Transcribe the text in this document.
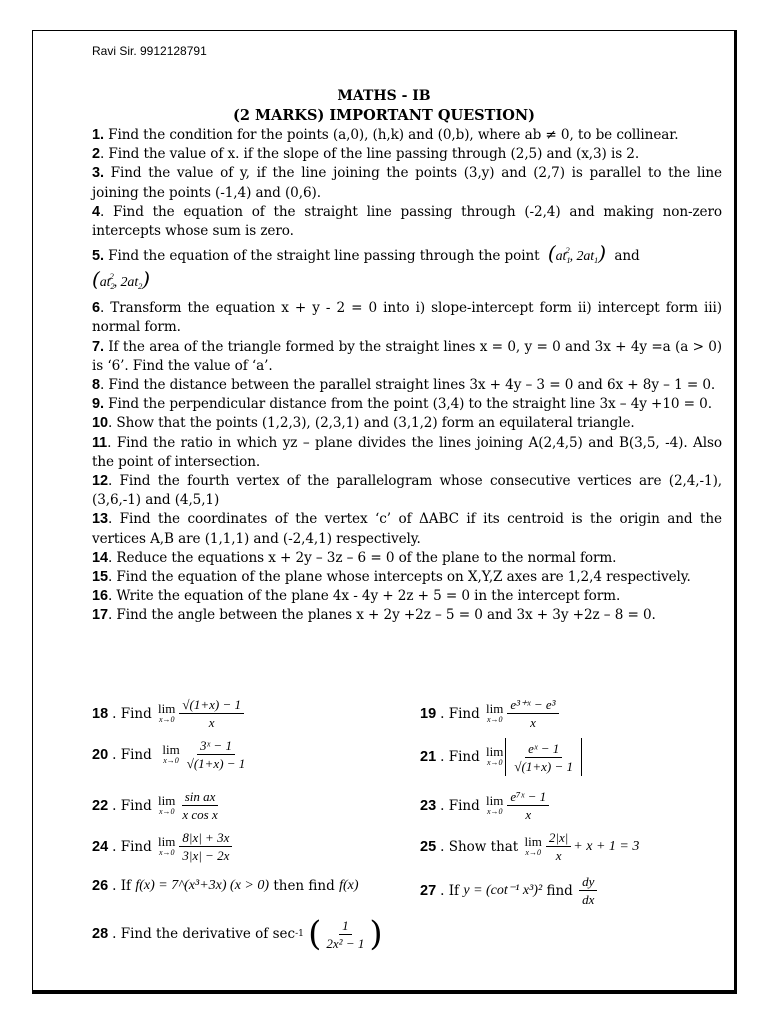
Ravi Sir. 9912128791
MATHS - IB
(2 MARKS) IMPORTANT QUESTION)

1. Find the condition for the points (a,0), (h,k) and (0,b), where ab ≠ 0, to be collinear.

2. Find the value of x. if the slope of the line passing through (2,5) and (x,3) is 2.

3. Find the value of y, if the line joining the points (3,y) and (2,7) is parallel to the line joining the points (-1,4) and (0,6).

4. Find the equation of the straight line passing through (-2,4) and making non-zero intercepts whose sum is zero.

5. Find the equation of the straight line passing through the point ($at_1^2$, $2at_1$) and
($at_2^2$, $2at_2$)

6. Transform the equation x + y - 2 = 0 into i) slope-intercept form ii) intercept form iii) normal form.

7. If the area of the triangle formed by the straight lines x = 0, y = 0 and 3x + 4y =a (a > 0) is ‘6’. Find the value of ‘a’.

8. Find the distance between the parallel straight lines 3x + 4y – 3 = 0 and 6x + 8y – 1 = 0.

9. Find the perpendicular distance from the point (3,4) to the straight line 3x – 4y +10 = 0.

10. Show that the points (1,2,3), (2,3,1) and (3,1,2) form an equilateral triangle.

11. Find the ratio in which yz – plane divides the lines joining A(2,4,5) and B(3,5, -4). Also the point of intersection.

12. Find the fourth vertex of the parallelogram whose consecutive vertices are (2,4,-1),(3,6,-1) and (4,5,1)

13. Find the coordinates of the vertex ‘c’ of ΔABC if its centroid is the origin and the vertices A,B are (1,1,1) and (-2,4,1) respectively.

14. Reduce the equations x + 2y – 3z – 6 = 0 of the plane to the normal form.

15. Find the equation of the plane whose intercepts on X,Y,Z axes are 1,2,4 respectively.

16. Write the equation of the plane 4x - 4y + 2z + 5 = 0 in the intercept form.

17. Find the angle between the planes x + 2y +2z – 5 = 0 and 3x + 3y +2z – 8 = 0.

18 . Find
lim
$x\to 0 \frac{√(1+x) - 1}{x}$	19 . Find
lim
$x\to 0 \frac{\text{e³⁺ˣ − e³}}{x}$
20 . Find
lim
$x\to 0 \frac{\text{3ˣ − 1}}{√(1+x) - 1}$	21 . Find
lim
$x\to 0 \frac{\text{eˣ − 1}}{√(1+x) - 1}$
22 . Find
lim
$x\to 0 \frac{\text{sin ax}}{\text{x cos x}}$	23 . Find
lim
$x\to 0 \frac{\text{e⁷ˣ − 1}}{x}$
24 . Find
lim
$x\to 0 \frac{8|x| + 3x}{3|x| - 2x}$	25 . Show that
lim
$x\to 0 \frac{2|x|}{x} + x + 1 = 3$
26 . If
f(x) = 7^(x³+3x) (x > 0)
then find
f(x)	27 . If
y = (cot⁻¹ x³)²
find
$\frac{dy}{dx}$
28 . Find the derivative of sec -1
( $\frac{1}{\text{2x² − 1}}$ )
